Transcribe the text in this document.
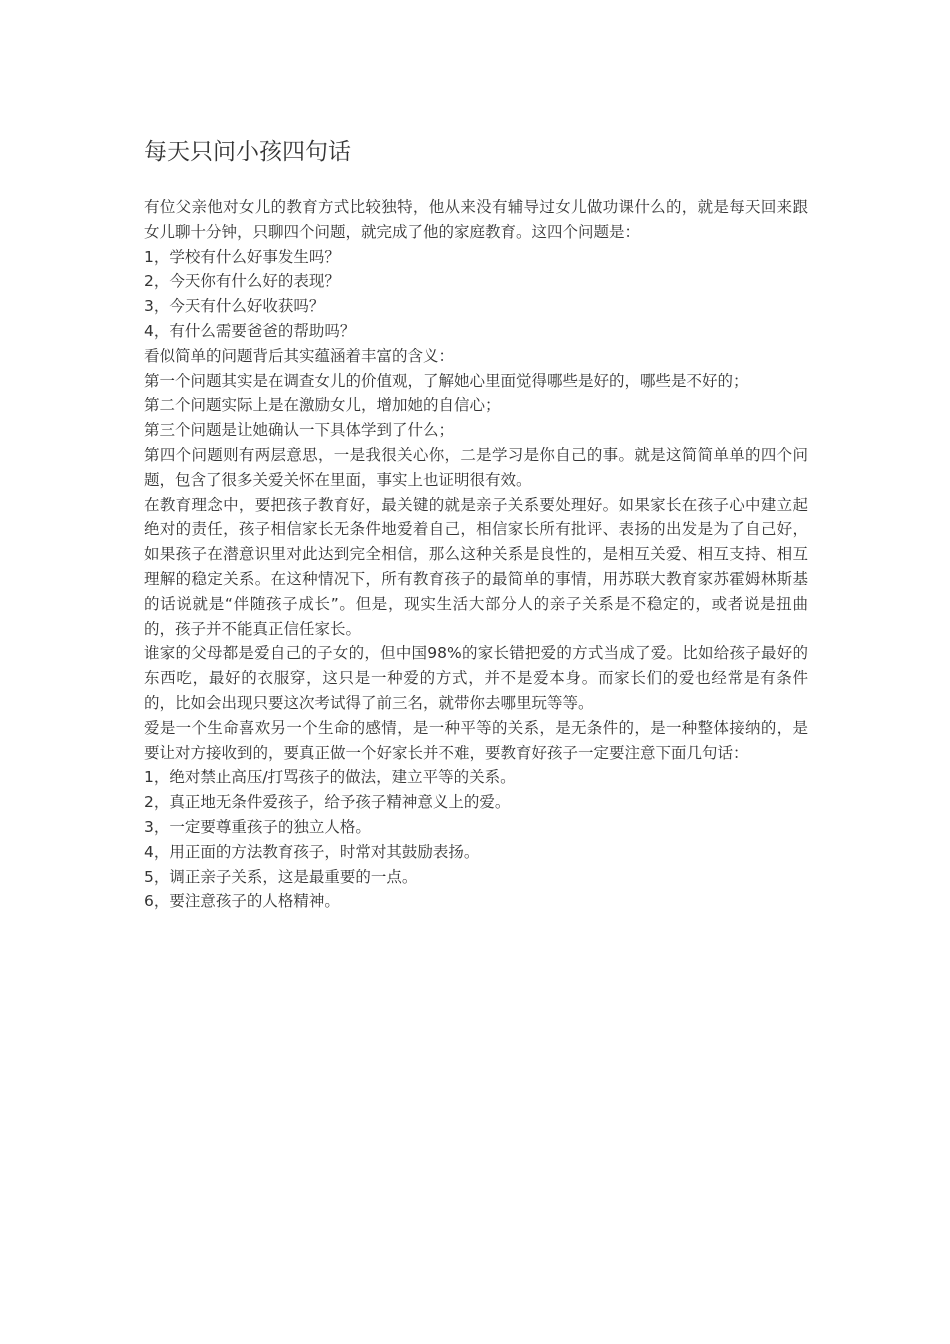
每天只问小孩四句话

有位父亲他对女儿的教育方式比较独特，他从来没有辅导过女儿做功课什么的，就是每天回来跟女儿聊十分钟，只聊四个问题，就完成了他的家庭教育。这四个问题是：

1，学校有什么好事发生吗？

2，今天你有什么好的表现？

3，今天有什么好收获吗？

4，有什么需要爸爸的帮助吗？

看似简单的问题背后其实蕴涵着丰富的含义：

第一个问题其实是在调查女儿的价值观，了解她心里面觉得哪些是好的，哪些是不好的；

第二个问题实际上是在激励女儿，增加她的自信心；

第三个问题是让她确认一下具体学到了什么；

第四个问题则有两层意思，一是我很关心你，二是学习是你自己的事。就是这简简单单的四个问题，包含了很多关爱关怀在里面，事实上也证明很有效。

在教育理念中，要把孩子教育好，最关键的就是亲子关系要处理好。如果家长在孩子心中建立起绝对的责任，孩子相信家长无条件地爱着自己，相信家长所有批评、表扬的出发是为了自己好，如果孩子在潜意识里对此达到完全相信，那么这种关系是良性的，是相互关爱、相互支持、相互理解的稳定关系。在这种情况下，所有教育孩子的最简单的事情，用苏联大教育家苏霍姆林斯基的话说就是“伴随孩子成长”。但是，现实生活大部分人的亲子关系是不稳定的，或者说是扭曲的，孩子并不能真正信任家长。

谁家的父母都是爱自己的子女的，但中国98%的家长错把爱的方式当成了爱。比如给孩子最好的东西吃，最好的衣服穿，这只是一种爱的方式，并不是爱本身。而家长们的爱也经常是有条件的，比如会出现只要这次考试得了前三名，就带你去哪里玩等等。

爱是一个生命喜欢另一个生命的感情，是一种平等的关系，是无条件的，是一种整体接纳的，是要让对方接收到的，要真正做一个好家长并不难，要教育好孩子一定要注意下面几句话：

1，绝对禁止高压/打骂孩子的做法，建立平等的关系。

2，真正地无条件爱孩子，给予孩子精神意义上的爱。

3，一定要尊重孩子的独立人格。

4，用正面的方法教育孩子，时常对其鼓励表扬。

5，调正亲子关系，这是最重要的一点。

6，要注意孩子的人格精神。
